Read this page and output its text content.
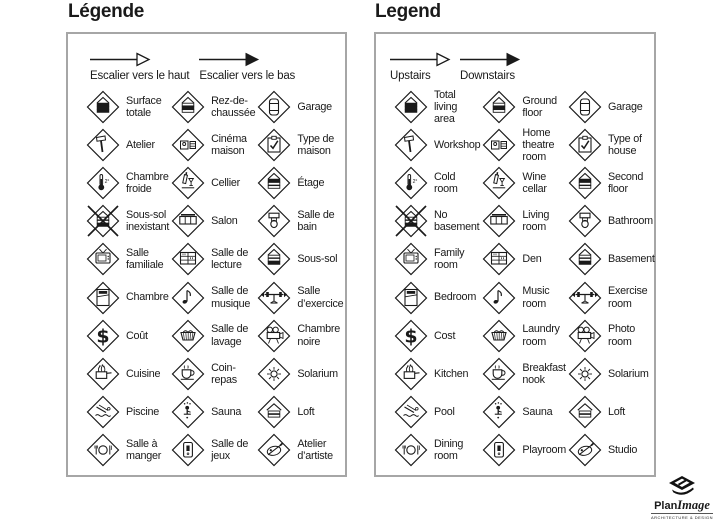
Légende	Legend
Escalier vers le haut Escalier vers le bas
Surface totale
Rez-de-chaussée
Garage
Atelier
Cinéma maison
Type de maison
2° Chambre froide
Cellier	Étage
Sous-sol inexistant
Salon
Salle de bain
Salle familiale
Salle de lecture
Sous-sol
Chambre
Salle de musique
Salle d’exercice
$ Coût
Salle de lavage
Chambre noire
Cuisine
Coin-repas
Solarium
Piscine	Sauna	Loft
Salle à manger
Salle de jeux
Atelier d’artiste
Upstairs	Downstairs
Total living area
Ground floor
Garage
Workshop
Home theatre room
Type of house
2° Cold room
Wine cellar
Second floor
No basement
Living room
Bathroom
Family room
Den	Basement
Bedroom
Music room
Exercise room
$ Cost
Laundry room
Photo room
Kitchen
Breakfast nook
Solarium
Pool	Sauna	Loft
Dining room
Playroom	Studio
PlanImage
ARCHITECTURE & DESIGN
